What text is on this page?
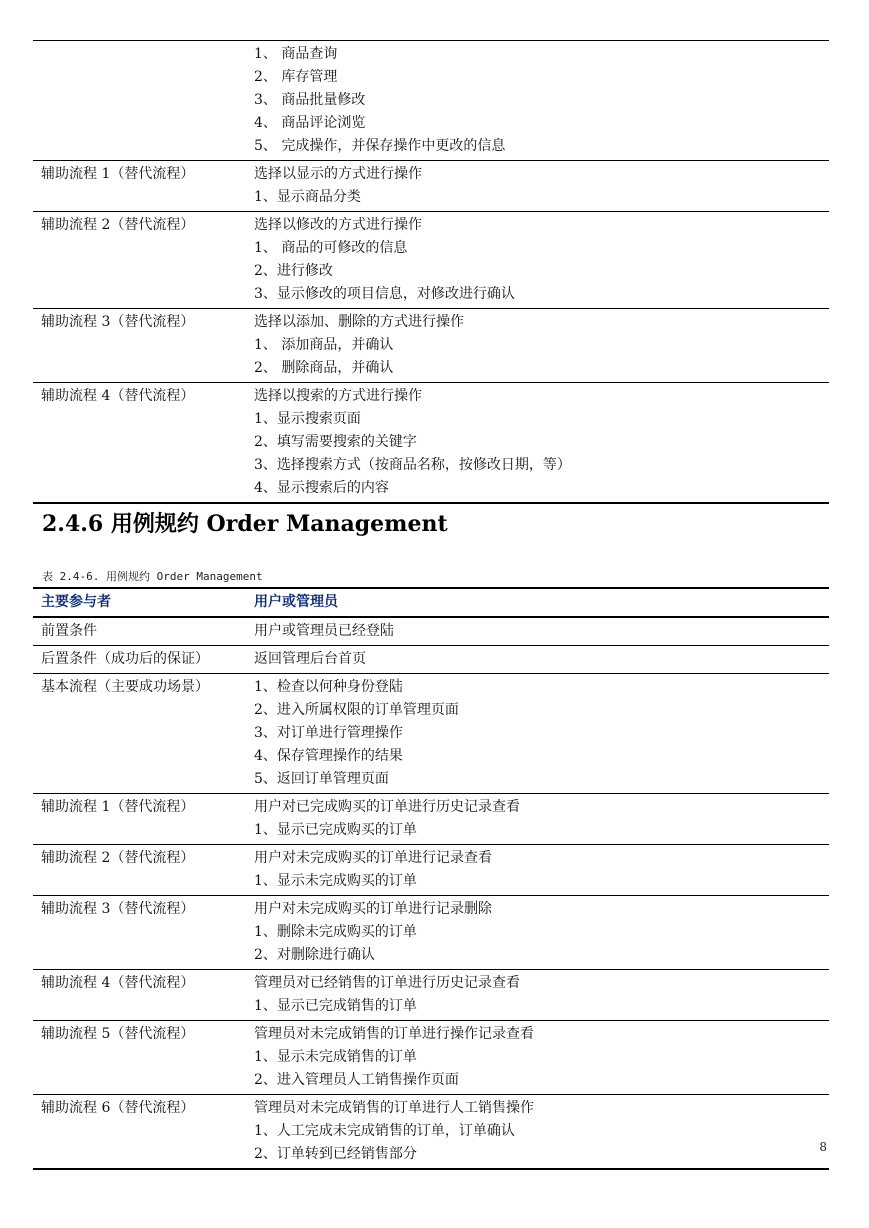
	1、 商品查询
2、 库存管理
3、 商品批量修改
4、 商品评论浏览
5、 完成操作，并保存操作中更改的信息

辅助流程 1（替代流程）	选择以显示的方式进行操作
1、显示商品分类

辅助流程 2（替代流程）	选择以修改的方式进行操作
1、 商品的可修改的信息
2、进行修改
3、显示修改的项目信息，对修改进行确认

辅助流程 3（替代流程）	选择以添加、删除的方式进行操作
1、 添加商品，并确认
2、 删除商品，并确认

辅助流程 4（替代流程）	选择以搜索的方式进行操作
1、显示搜索页面
2、填写需要搜索的关键字
3、选择搜索方式（按商品名称，按修改日期，等）
4、显示搜索后的内容
2.4.6 用例规约 Order Management
表 2.4-6. 用例规约 Order Management
主要参与者	用户或管理员
前置条件	用户或管理员已经登陆

后置条件（成功后的保证）	返回管理后台首页

基本流程（主要成功场景）	1、检查以何种身份登陆
2、进入所属权限的订单管理页面
3、对订单进行管理操作
4、保存管理操作的结果
5、返回订单管理页面

辅助流程 1（替代流程）	用户对已完成购买的订单进行历史记录查看
1、显示已完成购买的订单

辅助流程 2（替代流程）	用户对未完成购买的订单进行记录查看
1、显示未完成购买的订单

辅助流程 3（替代流程）	用户对未完成购买的订单进行记录删除
1、删除未完成购买的订单
2、对删除进行确认

辅助流程 4（替代流程）	管理员对已经销售的订单进行历史记录查看
1、显示已完成销售的订单

辅助流程 5（替代流程）	管理员对未完成销售的订单进行操作记录查看
1、显示未完成销售的订单
2、进入管理员人工销售操作页面

辅助流程 6（替代流程）	管理员对未完成销售的订单进行人工销售操作
1、人工完成未完成销售的订单，订单确认
2、订单转到已经销售部分	8
